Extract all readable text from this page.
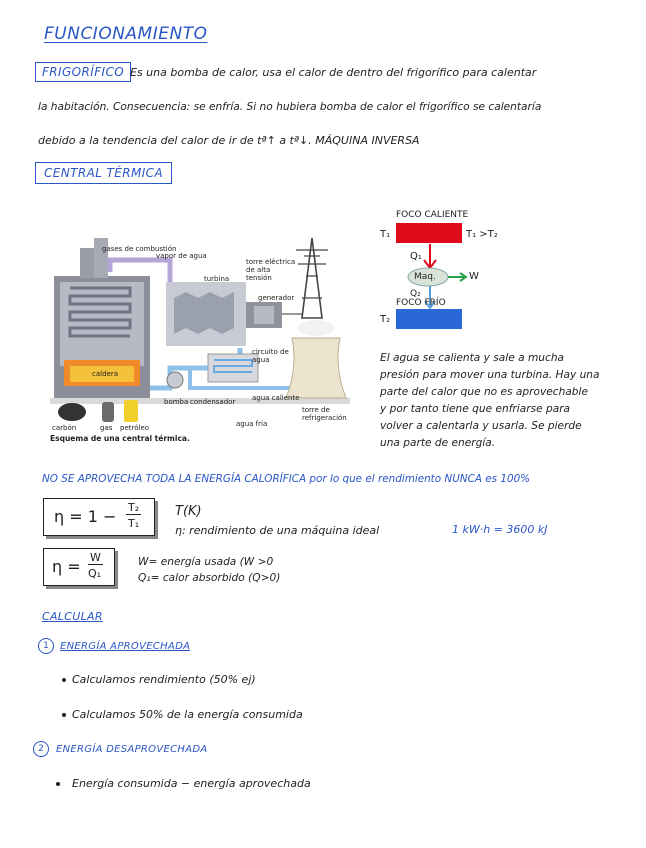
FUNCIONAMIENTO
FRIGORÍFICO Es una bomba de calor, usa el calor de dentro del frigorífico para calentar
la habitación. Consecuencia: se enfría. Si no hubiera bomba de calor el frigorífico se calentaría
debido a la tendencia del calor de ir de tª↑ a tª↓. MÁQUINA INVERSA
CENTRAL TÉRMICA
gases de combustión
vapor de agua
torre eléctrica de alta tensión
turbina
generador
caldera
circuito de agua
carbón	gas petróleo
bomba condensador agua caliente
agua fría
torre de refrigeración
Esquema de una central térmica.
FOCO CALIENTE
T₁	T₁ >T₂
Q₁
Maq.	W
Q₂
FOCO FRÍO
T₂
El agua se calienta y sale a mucha
presión para mover una turbina. Hay una
parte del calor que no es aprovechable
y por tanto tiene que enfriarse para
volver a calentarla y usarla. Se pierde
una parte de energía.
NO SE APROVECHA TODA LA ENERGÍA CALORÍFICA por lo que el rendimiento NUNCA es 100%
η = 1 − T₂
T₁
T(K)
η: rendimiento de una máquina ideal	1 kW·h = 3600 kJ
η = W
Q₁
W= energía usada (W >0
Q₁= calor absorbido (Q>0)
CALCULAR
1	ENERGÍA APROVECHADA
Calculamos rendimiento (50% ej)
Calculamos 50% de la energía consumida
2	ENERGÍA DESAPROVECHADA
Energía consumida − energía aprovechada
